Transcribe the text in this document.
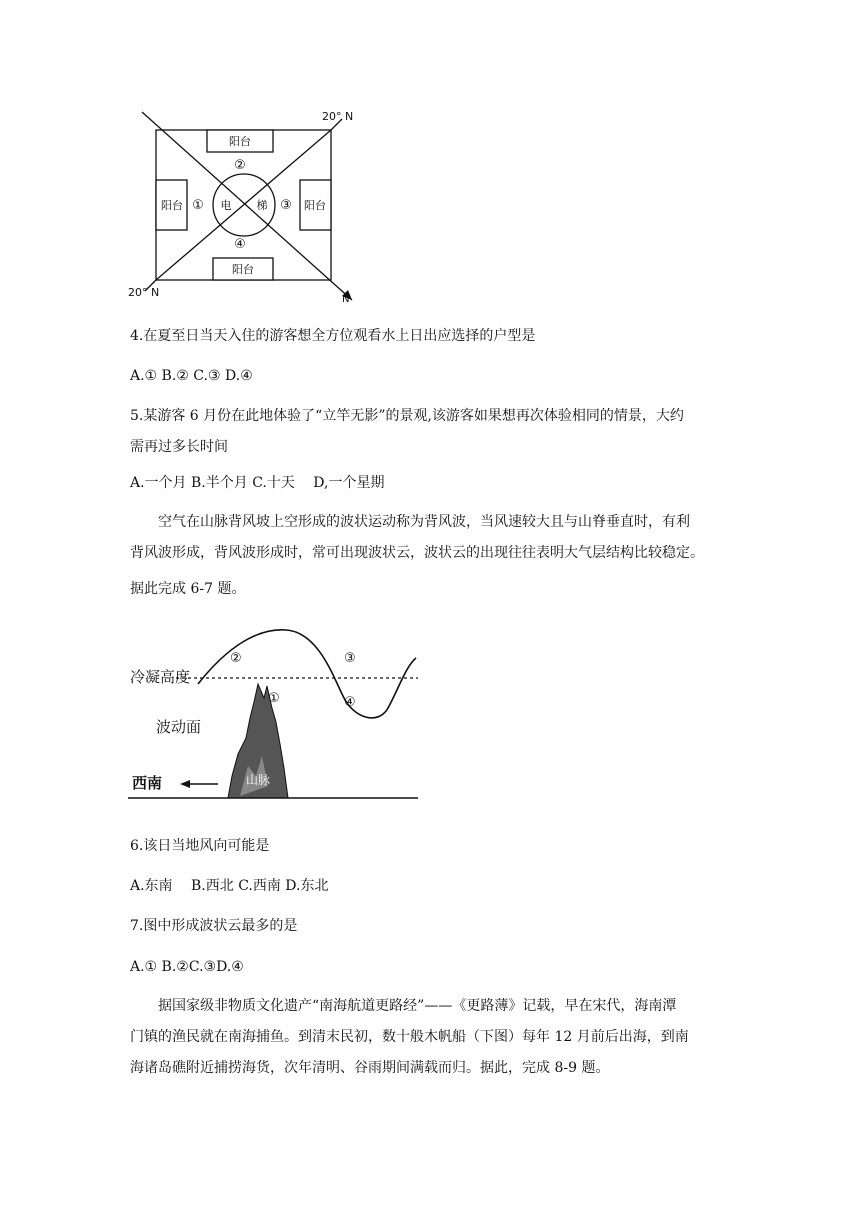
20° N
20° N
N
阳台
阳台	阳台
阳台
电 梯
①
②
③
④
4.在夏至日当天入住的游客想全方位观看水上日出应选择的户型是
A.① B.② C.③ D.④
5.某游客 6 月份在此地体验了“立竿无影”的景观,该游客如果想再次体验相同的情景，大约
需再过多长时间
A.一个月 B.半个月 C.十天　 D,一个星期
空气在山脉背风坡上空形成的波状运动称为背风波，当风速较大且与山脊垂直时，有利
背风波形成，背风波形成时，常可出现波状云，波状云的出现往往表明大气层结构比较稳定。
据此完成 6-7 题。
冷凝高度
波动面
西南	山脉
①
②	③
④
6.该日当地风向可能是
A.东南　 B.西北 C.西南 D.东北
7.图中形成波状云最多的是
A.① B.②C.③D.④
据国家级非物质文化遗产“南海航道更路经”——《更路薄》记载，早在宋代，海南潭
门镇的渔民就在南海捕鱼。到清末民初，数十般木帆船（下图）每年 12 月前后出海，到南
海诸岛礁附近捕捞海货，次年清明、谷雨期间满载而归。据此，完成 8-9 题。
